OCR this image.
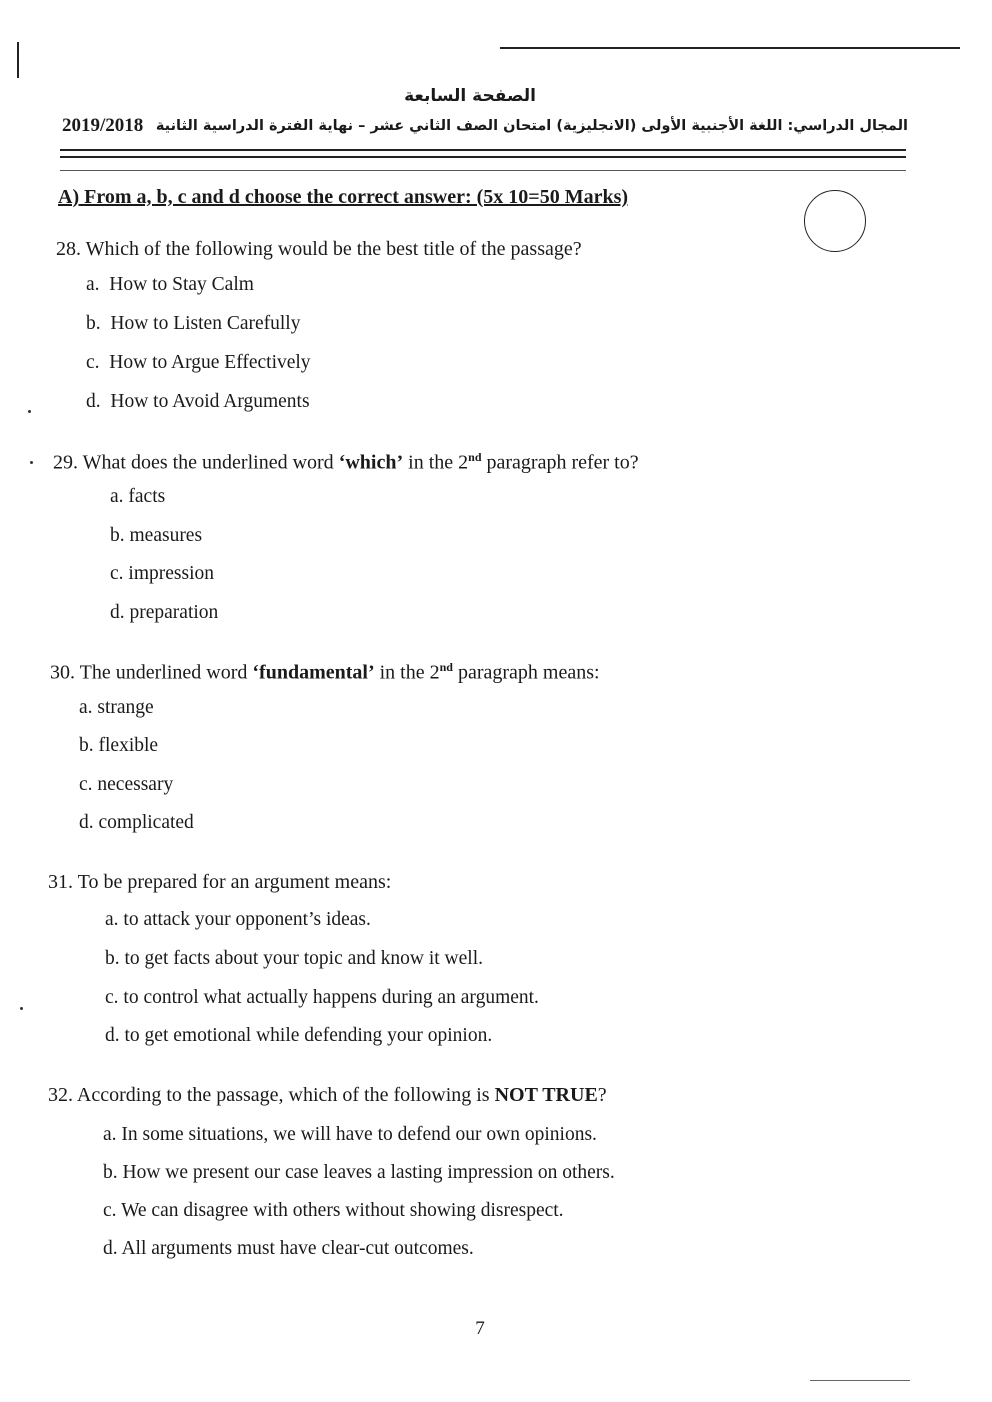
الصفحة السابعة
2019/2018 المجال الدراسي: اللغة الأجنبية الأولى (الانجليزية) امتحان الصف الثاني عشر – نهاية الفترة الدراسية الثانية
A) From a, b, c and d choose the correct answer: (5x 10=50 Marks)
28. Which of the following would be the best title of the passage?
a. How to Stay Calm
b. How to Listen Carefully
c. How to Argue Effectively
d. How to Avoid Arguments
29. What does the underlined word ‘which’ in the 2nd paragraph refer to?
a. facts
b. measures
c. impression
d. preparation
30. The underlined word ‘fundamental’ in the 2nd paragraph means:
a. strange
b. flexible
c. necessary
d. complicated
31. To be prepared for an argument means:
a. to attack your opponent’s ideas.
b. to get facts about your topic and know it well.
c. to control what actually happens during an argument.
d. to get emotional while defending your opinion.
32. According to the passage, which of the following is NOT TRUE?
a. In some situations, we will have to defend our own opinions.
b. How we present our case leaves a lasting impression on others.
c. We can disagree with others without showing disrespect.
d. All arguments must have clear-cut outcomes.
7
